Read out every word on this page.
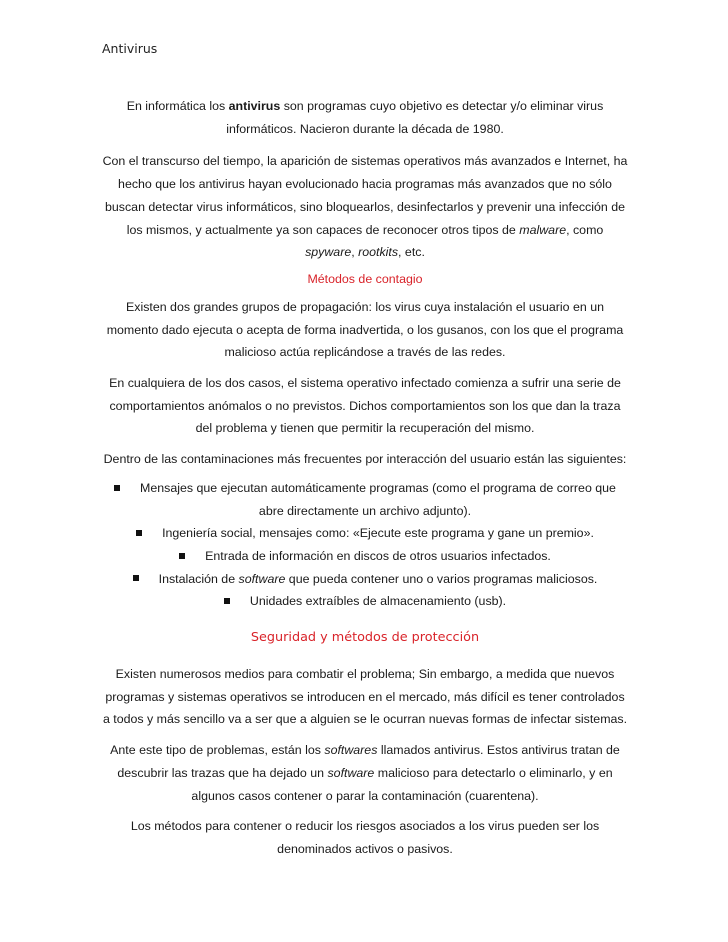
Antivirus

En informática los antivirus son programas cuyo objetivo es detectar y/o eliminar virus informáticos. Nacieron durante la década de 1980.

Con el transcurso del tiempo, la aparición de sistemas operativos más avanzados e Internet, ha hecho que los antivirus hayan evolucionado hacia programas más avanzados que no sólo buscan detectar virus informáticos, sino bloquearlos, desinfectarlos y prevenir una infección de los mismos, y actualmente ya son capaces de reconocer otros tipos de malware, como spyware, rootkits, etc.

Métodos de contagio

Existen dos grandes grupos de propagación: los virus cuya instalación el usuario en un momento dado ejecuta o acepta de forma inadvertida, o los gusanos, con los que el programa malicioso actúa replicándose a través de las redes.

En cualquiera de los dos casos, el sistema operativo infectado comienza a sufrir una serie de comportamientos anómalos o no previstos. Dichos comportamientos son los que dan la traza del problema y tienen que permitir la recuperación del mismo.

Dentro de las contaminaciones más frecuentes por interacción del usuario están las siguientes:

Mensajes que ejecutan automáticamente programas (como el programa de correo que abre directamente un archivo adjunto).
Ingeniería social, mensajes como: «Ejecute este programa y gane un premio».
Entrada de información en discos de otros usuarios infectados.
Instalación de software que pueda contener uno o varios programas maliciosos.
Unidades extraíbles de almacenamiento (usb).
Seguridad y métodos de protección

Existen numerosos medios para combatir el problema; Sin embargo, a medida que nuevos programas y sistemas operativos se introducen en el mercado, más difícil es tener controlados a todos y más sencillo va a ser que a alguien se le ocurran nuevas formas de infectar sistemas.

Ante este tipo de problemas, están los softwares llamados antivirus. Estos antivirus tratan de descubrir las trazas que ha dejado un software malicioso para detectarlo o eliminarlo, y en algunos casos contener o parar la contaminación (cuarentena).

Los métodos para contener o reducir los riesgos asociados a los virus pueden ser los denominados activos o pasivos.
